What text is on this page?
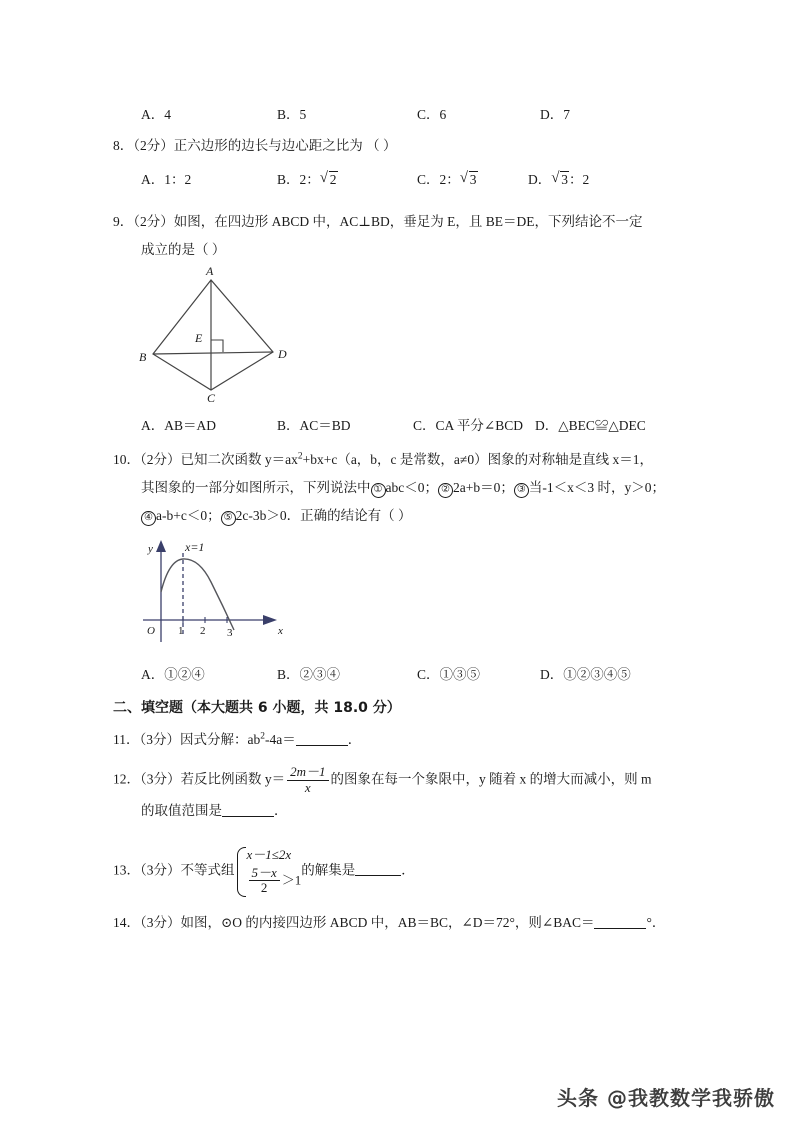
A．4	B．5	C．6	D．7
8．（2分）正六边形的边长与边心距之比为 （ ）
A．1：2	B．2： √ 2	C．2： √ 3	D． √ 3：2
9．（2分）如图，在四边形 ABCD 中，AC⊥BD，垂足为 E，且 BE＝DE，下列结论不一定
成立的是（ ）
A
B
C
D
E
A．AB＝AD	B．AC＝BD	C．CA 平分∠BCD D．△BEC≌△DEC
10．（2分）已知二次函数 $y=ax^2+bx+c(a$，b，c 是常数，a≠0）图象的对称轴是直线 x＝1，
其图象的一部分如图所示，下列说法中 ① abc＜0； ② 2a+b＝0； ③ 当‐1＜x＜3 时，y＞0；
④ a‐b+c＜0； ⑤ 2c‐3b＞0．正确的结论有（ ）
O 1 2 3
y
x
x=1
A．①②④	B．②③④	C．①③⑤	D．①②③④⑤
二、填空题（本大题共 6 小题，共 18.0 分）
11．（3分）因式分解：$ab^2‐4a=$	．
12．（3分）若反比例函数 $y= \frac{2m-1}{x}$ 的图象在每一个象限中，y 随着 x 的增大而减小，则 m
的取值范围是	．
13．（3分）不等式组
x－1≤2x
$\frac{5-x}{2} >1$
的解集是	．
14．（3分）如图，⊙O 的内接四边形 ABCD 中，AB＝BC，∠D＝72°，则∠BAC＝	°．
头条 @我教数学我骄傲
